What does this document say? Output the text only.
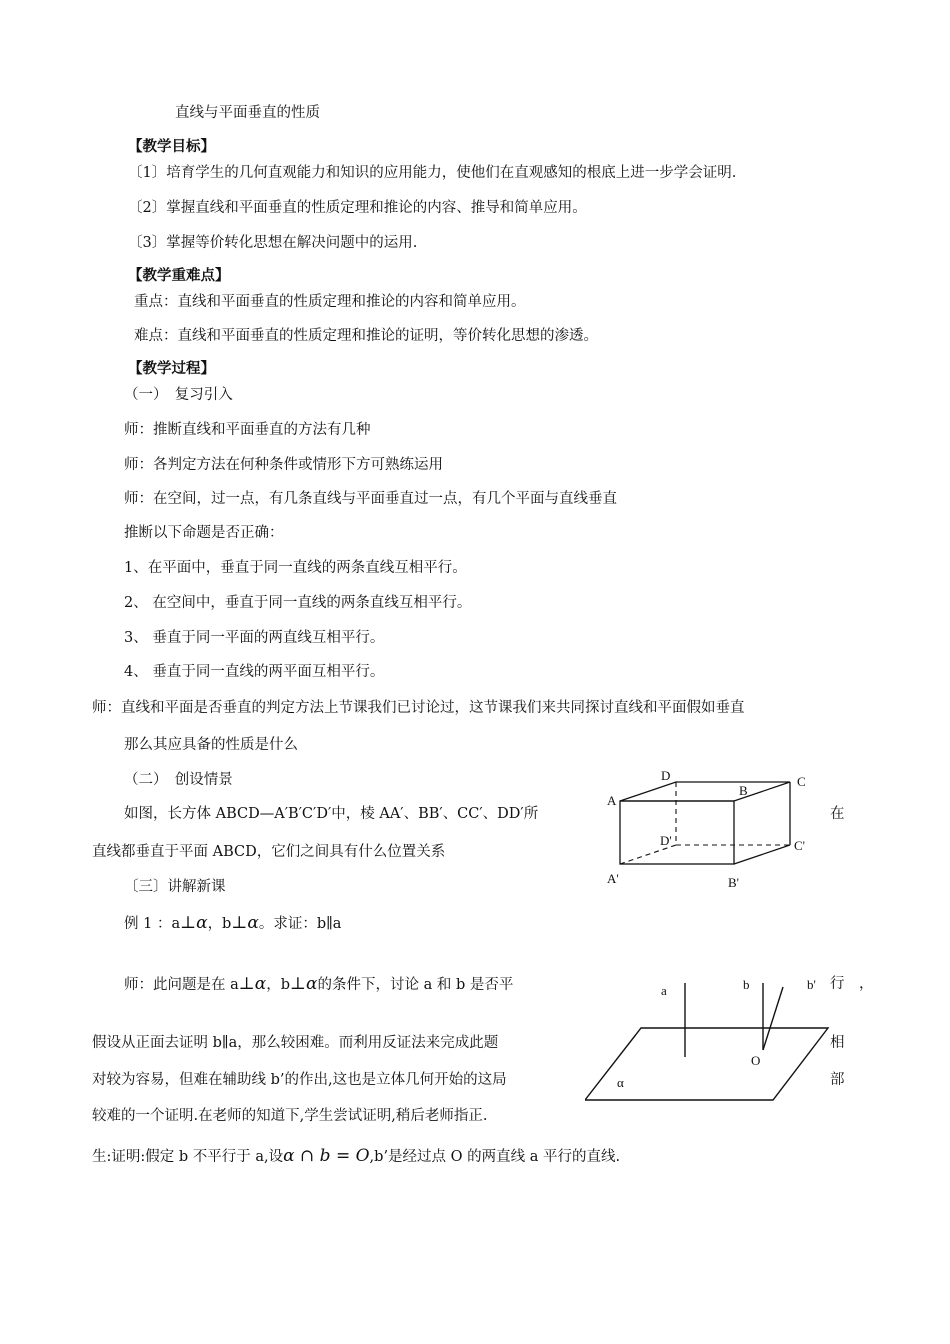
直线与平面垂直的性质
【教学目标】
〔1〕培育学生的几何直观能力和知识的应用能力，使他们在直观感知的根底上进一步学会证明.
〔2〕掌握直线和平面垂直的性质定理和推论的内容、推导和简单应用。
〔3〕掌握等价转化思想在解决问题中的运用.
【教学重难点】
重点：直线和平面垂直的性质定理和推论的内容和简单应用。
难点：直线和平面垂直的性质定理和推论的证明，等价转化思想的渗透。
【教学过程】
（一）　复习引入
师：推断直线和平面垂直的方法有几种
师：各判定方法在何种条件或情形下方可熟练运用
师：在空间，过一点，有几条直线与平面垂直过一点，有几个平面与直线垂直
推断以下命题是否正确：
1、在平面中，垂直于同一直线的两条直线互相平行。
2、 在空间中，垂直于同一直线的两条直线互相平行。
3、 垂直于同一平面的两直线互相平行。
4、 垂直于同一直线的两平面互相平行。
师：直线和平面是否垂直的判定方法上节课我们已讨论过，这节课我们来共同探讨直线和平面假如垂直
那么其应具备的性质是什么
（二）　创设情景
如图，长方体 ABCD—A′B′C′D′中，棱 AA′、BB′、CC′、DD′所	在
直线都垂直于平面 ABCD，它们之间具有什么位置关系
A
B
C
D
A'	B'
C'
D'
〔三〕讲解新课
例 1 ：a⊥α，b⊥α。求证：b∥a
师：此问题是在 a⊥α，b⊥α的条件下，讨论 a 和 b 是否平	行　，
假设从正面去证明 b∥a，那么较困难。而利用反证法来完成此题	相
对较为容易，但难在辅助线 b’的作出,这也是立体几何开始的这局	部
较难的一个证明.在老师的知道下,学生尝试证明,稍后老师指正.
a	b	b'
O
α
生:证明:假定 b 不平行于 a,设α ∩ b = O,b’是经过点 O 的两直线 a 平行的直线.
